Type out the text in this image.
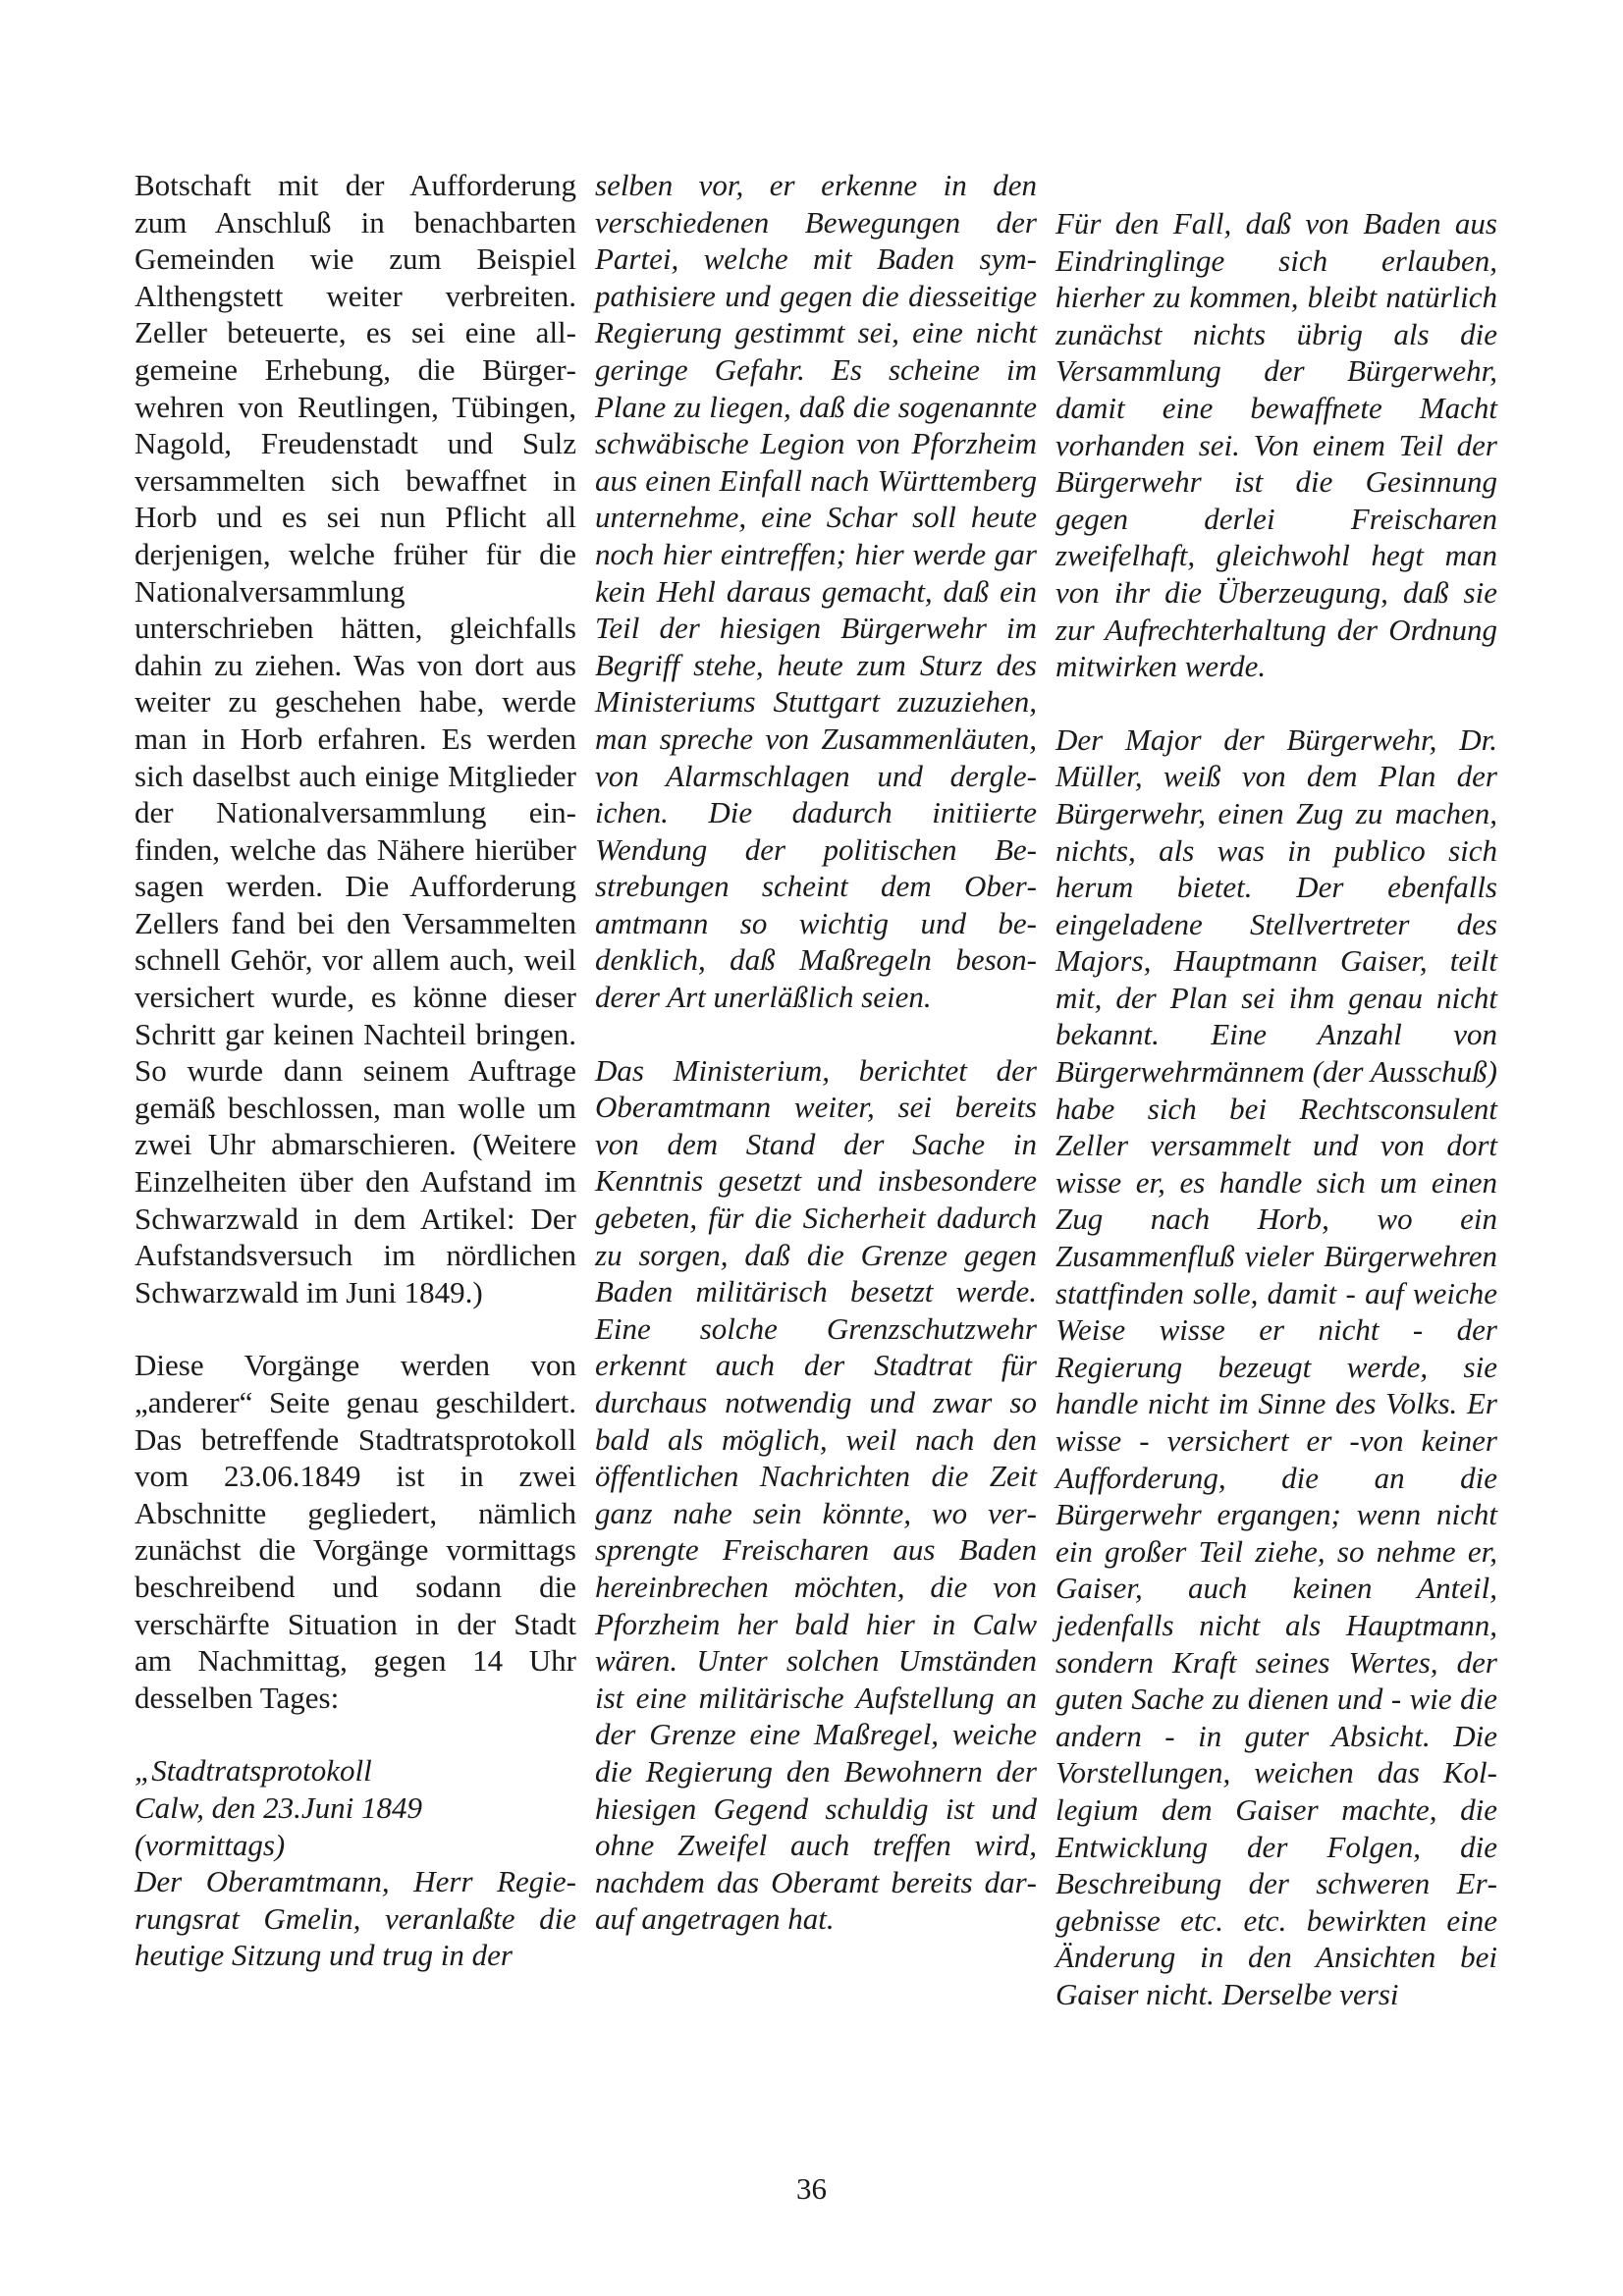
Botschaft mit der Aufforderung zum Anschluß in benachbarten Gemeinden wie zum Beispiel Althengstett weiter verbreiten. Zeller beteuerte, es sei eine allgemeine Erhebung, die Bürgerwehren von Reutlingen, Tübingen, Nagold, Freudenstadt und Sulz versammelten sich bewaffnet in Horb und es sei nun Pflicht all derjenigen, welche früher für die Nationalversammlung unterschrieben hätten, gleichfalls dahin zu ziehen. Was von dort aus weiter zu geschehen habe, werde man in Horb erfahren. Es werden sich daselbst auch einige Mitglieder der Nationalversammlung einfinden, welche das Nähere hierüber sagen werden. Die Aufforderung Zellers fand bei den Versammelten schnell Gehör, vor allem auch, weil versichert wurde, es könne dieser Schritt gar keinen Nachteil bringen. So wurde dann seinem Auftrage gemäß beschlossen, man wolle um zwei Uhr abmarschieren. (Weitere Einzelheiten über den Aufstand im Schwarzwald in dem Artikel: Der Aufstandsversuch im nördlichen Schwarzwald im Juni 1849.)

Diese Vorgänge werden von „anderer“ Seite genau geschildert. Das betreffende Stadtratsprotokoll vom 23.06.1849 ist in zwei Abschnitte gegliedert, nämlich zunächst die Vorgänge vormittags beschreibend und sodann die verschärfte Situation in der Stadt am Nachmittag, gegen 14 Uhr desselben Tages:

„Stadtratsprotokoll
Calw, den 23.Juni 1849
(vormittags)
Der Oberamtmann, Herr Regierungsrat Gmelin, veranlaßte die heutige Sitzung und trug in der

selben vor, er erkenne in den verschiedenen Bewegungen der Partei, welche mit Baden sympathisiere und gegen die diesseitige Regierung gestimmt sei, eine nicht geringe Gefahr. Es scheine im Plane zu liegen, daß die sogenannte schwäbische Legion von Pforzheim aus einen Einfall nach Württemberg unternehme, eine Schar soll heute noch hier eintreffen; hier werde gar kein Hehl daraus gemacht, daß ein Teil der hiesigen Bürgerwehr im Begriff stehe, heute zum Sturz des Ministeriums Stuttgart zuzuziehen, man spreche von Zusammenläuten, von Alarmschlagen und dergleichen. Die dadurch initiierte Wendung der politischen Bestrebungen scheint dem Oberamtmann so wichtig und bedenklich, daß Maßregeln besonderer Art unerläßlich seien.

Das Ministerium, berichtet der Oberamtmann weiter, sei bereits von dem Stand der Sache in Kenntnis gesetzt und insbesondere gebeten, für die Sicherheit dadurch zu sorgen, daß die Grenze gegen Baden militärisch besetzt werde. Eine solche Grenzschutzwehr erkennt auch der Stadtrat für durchaus notwendig und zwar so bald als möglich, weil nach den öffentlichen Nachrichten die Zeit ganz nahe sein könnte, wo versprengte Freischaren aus Baden hereinbrechen möchten, die von Pforzheim her bald hier in Calw wären. Unter solchen Umständen ist eine militärische Aufstellung an der Grenze eine Maßregel, weiche die Regierung den Bewohnern der hiesigen Gegend schuldig ist und ohne Zweifel auch treffen wird, nachdem das Oberamt bereits darauf angetragen hat.

Für den Fall, daß von Baden aus Eindringlinge sich erlauben, hierher zu kommen, bleibt natürlich zunächst nichts übrig als die Versammlung der Bürgerwehr, damit eine bewaffnete Macht vorhanden sei. Von einem Teil der Bürgerwehr ist die Gesinnung gegen derlei Freischaren zweifelhaft, gleichwohl hegt man von ihr die Überzeugung, daß sie zur Aufrechterhaltung der Ordnung mitwirken werde.

Der Major der Bürgerwehr, Dr. Müller, weiß von dem Plan der Bürgerwehr, einen Zug zu machen, nichts, als was in publico sich herum bietet. Der ebenfalls eingeladene Stellvertreter des Majors, Hauptmann Gaiser, teilt mit, der Plan sei ihm genau nicht bekannt. Eine Anzahl von Bürgerwehrmännem (der Ausschuß) habe sich bei Rechtsconsulent Zeller versammelt und von dort wisse er, es handle sich um einen Zug nach Horb, wo ein Zusammenfluß vieler Bürgerwehren stattfinden solle, damit - auf weiche Weise wisse er nicht - der Regierung bezeugt werde, sie handle nicht im Sinne des Volks. Er wisse - versichert er -von keiner Aufforderung, die an die Bürgerwehr ergangen; wenn nicht ein großer Teil ziehe, so nehme er, Gaiser, auch keinen Anteil, jedenfalls nicht als Hauptmann, sondern Kraft seines Wertes, der guten Sache zu dienen und - wie die andern - in guter Absicht. Die Vorstellungen, weichen das Kollegium dem Gaiser machte, die Entwicklung der Folgen, die Beschreibung der schweren Ergebnisse etc. etc. bewirkten eine Änderung in den Ansichten bei Gaiser nicht. Derselbe versi

36
